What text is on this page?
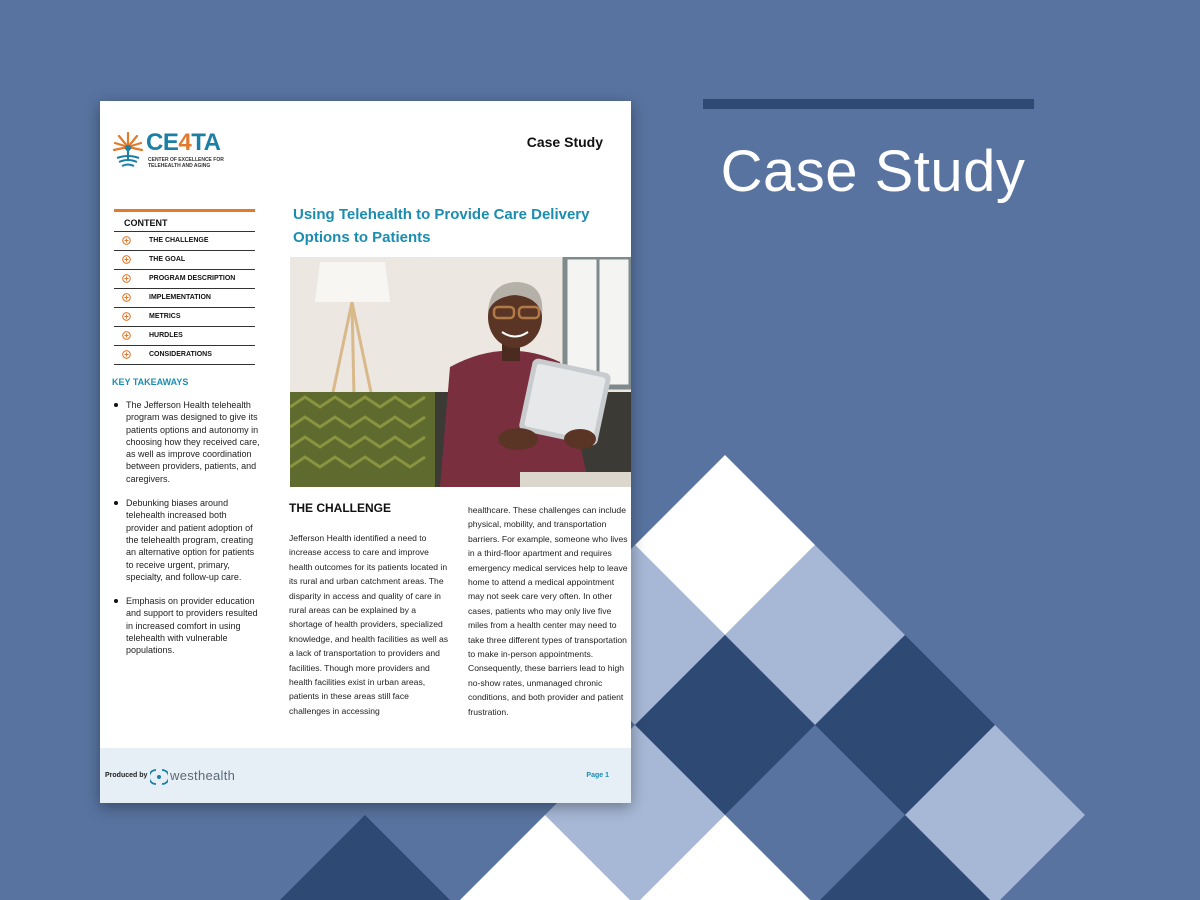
Case Study
CE4TA
CENTER OF EXCELLENCE FOR
TELEHEALTH AND AGING
Case Study
CONTENT
THE CHALLENGE
THE GOAL
PROGRAM DESCRIPTION
IMPLEMENTATION
METRICS
HURDLES
CONSIDERATIONS
KEY TAKEAWAYS
The Jefferson Health telehealth program was designed to give its patients options and autonomy in choosing how they received care, as well as improve coordination between providers, patients, and caregivers.
Debunking biases around telehealth increased both provider and patient adoption of the telehealth program, creating an alternative option for patients to receive urgent, primary, specialty, and follow-up care.
Emphasis on provider education and support to providers resulted in increased comfort in using telehealth with vulnerable populations.
Using Telehealth to Provide Care Delivery
Options to Patients
THE CHALLENGE
Jefferson Health identified a need to increase access to care and improve health outcomes for its patients located in its rural and urban catchment areas. The disparity in access and quality of care in rural areas can be explained by a shortage of health providers, specialized knowledge, and health facilities as well as a lack of transportation to providers and facilities. Though more providers and health facilities exist in urban areas, patients in these areas still face challenges in accessing
healthcare. These challenges can include physical, mobility, and transportation barriers. For example, someone who lives in a third-floor apartment and requires emergency medical services help to leave home to attend a medical appointment may not seek care very often. In other cases, patients who may only live five miles from a health center may need to take three different types of transportation to make in-person appointments. Consequently, these barriers lead to high no-show rates, unmanaged chronic conditions, and both provider and patient frustration.
Produced by westhealth	Page 1
